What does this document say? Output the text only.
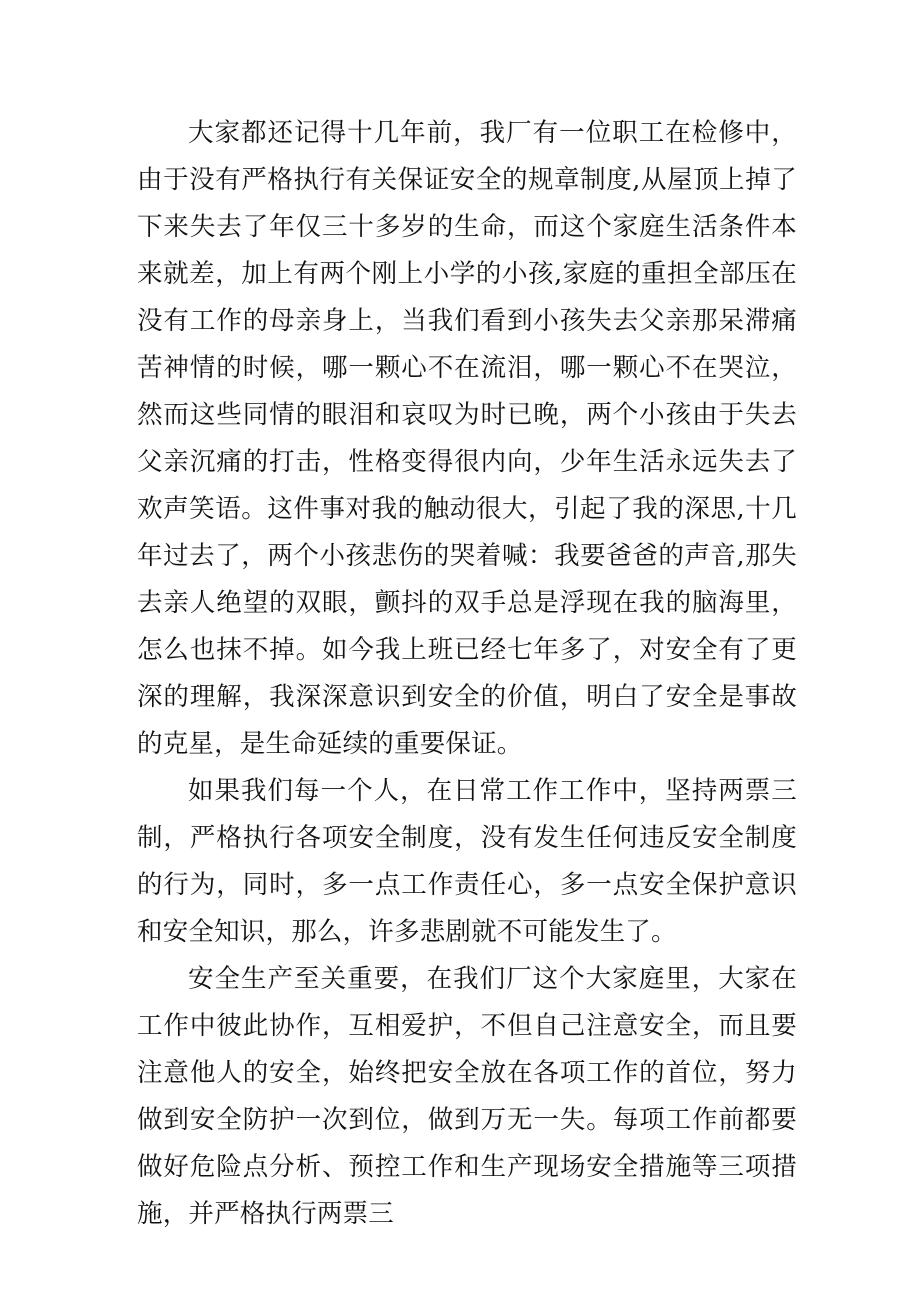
大家都还记得十几年前，我厂有一位职工在检修中，由于没有严格执行有关保证安全的规章制度,从屋顶上掉了下来失去了年仅三十多岁的生命，而这个家庭生活条件本来就差，加上有两个刚上小学的小孩,家庭的重担全部压在没有工作的母亲身上，当我们看到小孩失去父亲那呆滞痛苦神情的时候，哪一颗心不在流泪，哪一颗心不在哭泣，然而这些同情的眼泪和哀叹为时已晚，两个小孩由于失去父亲沉痛的打击，性格变得很内向，少年生活永远失去了欢声笑语。这件事对我的触动很大，引起了我的深思,十几年过去了，两个小孩悲伤的哭着喊：我要爸爸的声音,那失去亲人绝望的双眼，颤抖的双手总是浮现在我的脑海里，怎么也抹不掉。如今我上班已经七年多了，对安全有了更深的理解，我深深意识到安全的价值，明白了安全是事故的克星，是生命延续的重要保证。

如果我们每一个人，在日常工作工作中，坚持两票三制，严格执行各项安全制度，没有发生任何违反安全制度的行为，同时，多一点工作责任心，多一点安全保护意识和安全知识，那么，许多悲剧就不可能发生了。

安全生产至关重要，在我们厂这个大家庭里，大家在工作中彼此协作，互相爱护，不但自己注意安全，而且要注意他人的安全，始终把安全放在各项工作的首位，努力做到安全防护一次到位，做到万无一失。每项工作前都要做好危险点分析、预控工作和生产现场安全措施等三项措施，并严格执行两票三
